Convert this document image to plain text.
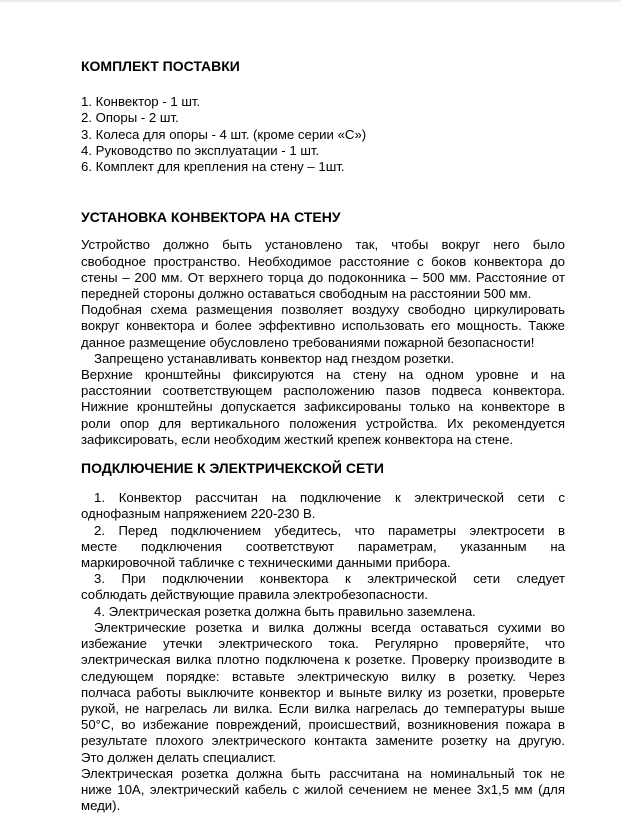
КОМПЛЕКТ ПОСТАВКИ
1. Конвектор - 1 шт.
2. Опоры - 2 шт.
3. Колеса для опоры - 4 шт. (кроме серии «С»)
4. Руководство по эксплуатации - 1 шт.
6. Комплект для крепления на стену – 1шт.
УСТАНОВКА КОНВЕКТОРА НА СТЕНУ
Устройство должно быть установлено так, чтобы вокруг него было
свободное пространство. Необходимое расстояние с боков конвектора до
стены – 200 мм. От верхнего торца до подоконника – 500 мм. Расстояние от
передней стороны должно оставаться свободным на расстоянии 500 мм.
Подобная схема размещения позволяет воздуху свободно циркулировать
вокруг конвектора и более эффективно использовать его мощность. Также
данное размещение обусловлено требованиями пожарной безопасности!
Запрещено устанавливать конвектор над гнездом розетки.
Верхние кронштейны фиксируются на стену на одном уровне и на
расстоянии соответствующем расположению пазов подвеса конвектора.
Нижние кронштейны допускается зафиксированы только на конвекторе в
роли опор для вертикального положения устройства. Их рекомендуется
зафиксировать, если необходим жесткий крепеж конвектора на стене.
ПОДКЛЮЧЕНИЕ К ЭЛЕКТРИЧЕКСКОЙ СЕТИ
1. Конвектор рассчитан на подключение к электрической сети с
однофазным напряжением 220-230 В.
2. Перед подключением убедитесь, что параметры электросети в
месте подключения соответствуют параметрам, указанным на
маркировочной табличке с техническими данными прибора.
3. При подключении конвектора к электрической сети следует
соблюдать действующие правила электробезопасности.
4. Электрическая розетка должна быть правильно заземлена.
Электрические розетка и вилка должны всегда оставаться сухими во
избежание утечки электрического тока. Регулярно проверяйте, что
электрическая вилка плотно подключена к розетке. Проверку производите в
следующем порядке: вставьте электрическую вилку в розетку. Через
полчаса работы выключите конвектор и выньте вилку из розетки, проверьте
рукой, не нагрелась ли вилка. Если вилка нагрелась до температуры выше
50°С, во избежание повреждений, происшествий, возникновения пожара в
результате плохого электрического контакта замените розетку на другую.
Это должен делать специалист.
Электрическая розетка должна быть рассчитана на номинальный ток не
ниже 10А, электрический кабель с жилой сечением не менее 3х1,5 мм (для
меди).
